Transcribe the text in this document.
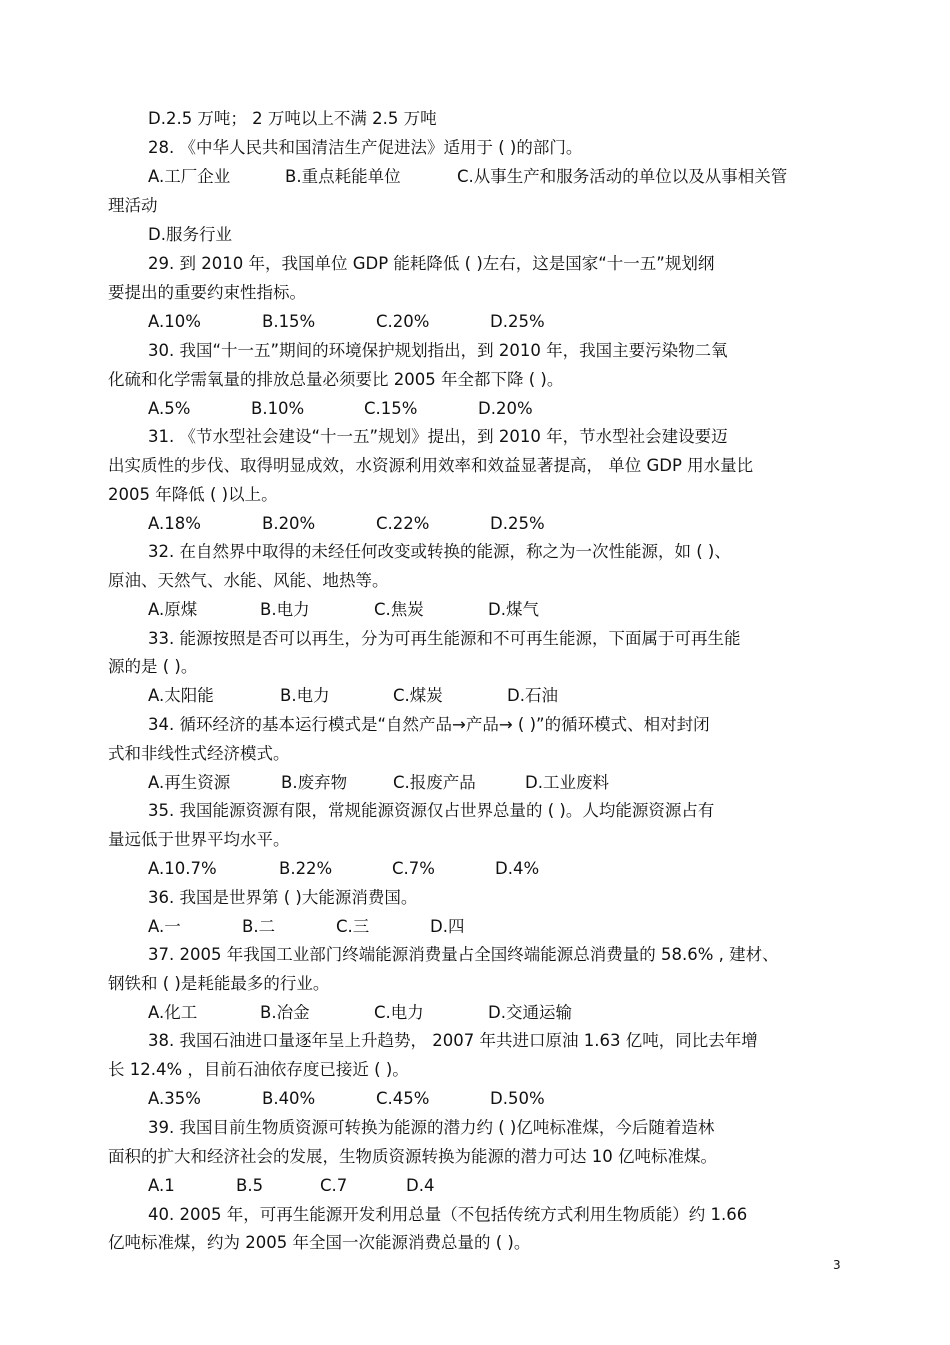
D.2.5 万吨； 2 万吨以上不满 2.5 万吨
28. 《中华人民共和国清洁生产促进法》适用于 ( )的部门。
A.工厂企业	B.重点耗能单位	C.从事生产和服务活动的单位以及从事相关管
理活动
D.服务行业
29. 到 2010 年，我国单位 GDP 能耗降低 ( )左右，这是国家“十一五”规划纲
要提出的重要约束性指标。
A.10%	B.15%	C.20%	D.25%
30. 我国“十一五”期间的环境保护规划指出，到 2010 年，我国主要污染物二氧
化硫和化学需氧量的排放总量必须要比 2005 年全都下降 ( )。
A.5%	B.10%	C.15%	D.20%
31. 《节水型社会建设“十一五”规划》提出，到 2010 年，节水型社会建设要迈
出实质性的步伐、取得明显成效，水资源利用效率和效益显著提高， 单位 GDP 用水量比
2005 年降低 ( )以上。
A.18%	B.20%	C.22%	D.25%
32. 在自然界中取得的未经任何改变或转换的能源，称之为一次性能源，如 ( )、
原油、天然气、水能、风能、地热等。
A.原煤	B.电力	C.焦炭	D.煤气
33. 能源按照是否可以再生，分为可再生能源和不可再生能源，下面属于可再生能
源的是 ( )。
A.太阳能	B.电力	C.煤炭	D.石油
34. 循环经济的基本运行模式是“自然产品→产品→ ( )”的循环模式、相对封闭
式和非线性式经济模式。
A.再生资源	B.废弃物	C.报废产品	D.工业废料
35. 我国能源资源有限，常规能源资源仅占世界总量的 ( )。人均能源资源占有
量远低于世界平均水平。
A.10.7%	B.22%	C.7%	D.4%
36. 我国是世界第 ( )大能源消费国。
A.一	B.二	C.三	D.四
37. 2005 年我国工业部门终端能源消费量占全国终端能源总消费量的 58.6% , 建材、
钢铁和 ( )是耗能最多的行业。
A.化工	B.冶金	C.电力	D.交通运输
38. 我国石油进口量逐年呈上升趋势， 2007 年共进口原油 1.63 亿吨，同比去年增
长 12.4% ，目前石油依存度已接近 ( )。
A.35%	B.40%	C.45%	D.50%
39. 我国目前生物质资源可转换为能源的潜力约 ( )亿吨标准煤，今后随着造林
面积的扩大和经济社会的发展，生物质资源转换为能源的潜力可达 10 亿吨标准煤。
A.1	B.5	C.7	D.4
40. 2005 年，可再生能源开发利用总量（不包括传统方式利用生物质能）约 1.66
亿吨标准煤，约为 2005 年全国一次能源消费总量的 ( )。
3
